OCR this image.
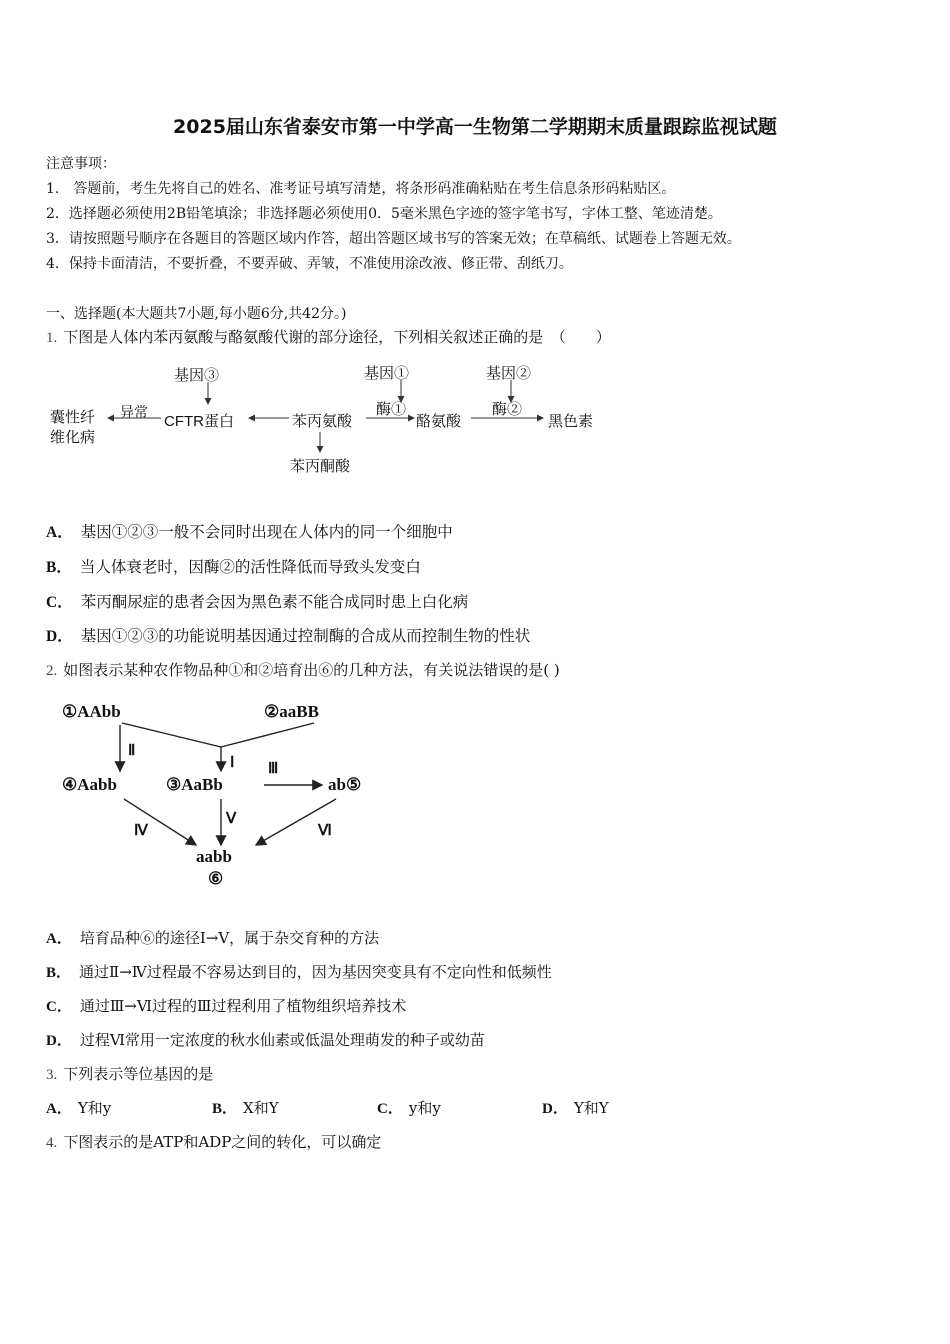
2025届山东省泰安市第一中学高一生物第二学期期末质量跟踪监视试题
注意事项：
1.　答题前，考生先将自己的姓名、准考证号填写清楚，将条形码准确粘贴在考生信息条形码粘贴区。
2．选择题必须使用2B铅笔填涂；非选择题必须使用0．5毫米黑色字迹的签字笔书写，字体工整、笔迹清楚。
3．请按照题号顺序在各题目的答题区域内作答，超出答题区域书写的答案无效；在草稿纸、试题卷上答题无效。
4．保持卡面清洁，不要折叠，不要弄破、弄皱，不准使用涂改液、修正带、刮纸刀。
一、选择题(本大题共7小题,每小题6分,共42分。)
1. 下图是人体内苯丙氨酸与酪氨酸代谢的部分途径，下列相关叙述正确的是　（　　）
基因③	基因①	基因②
囊性纤
维化病
异常 CFTR蛋白	苯丙氨酸
酶①
酪氨酸
酶②
黑色素
苯丙酮酸
A． 基因①②③一般不会同时出现在人体内的同一个细胞中
B． 当人体衰老时，因酶②的活性降低而导致头发变白
C． 苯丙酮尿症的患者会因为黑色素不能合成同时患上白化病
D． 基因①②③的功能说明基因通过控制酶的合成从而控制生物的性状
2. 如图表示某种农作物品种①和②培育出⑥的几种方法，有关说法错误的是( )
①AAbb	②aaBB
④Aabb	③AaBb	ab⑤
aabb
⑥
Ⅱ
Ⅰ Ⅲ
Ⅳ
Ⅴ
Ⅵ
A． 培育品种⑥的途径Ⅰ→Ⅴ，属于杂交育种的方法
B． 通过Ⅱ→Ⅳ过程最不容易达到目的，因为基因突变具有不定向性和低频性
C． 通过Ⅲ→Ⅵ过程的Ⅲ过程利用了植物组织培养技术
D． 过程Ⅵ常用一定浓度的秋水仙素或低温处理萌发的种子或幼苗
3. 下列表示等位基因的是
A． Y和y	B． X和Y	C． y和y	D． Y和Y
4. 下图表示的是ATP和ADP之间的转化，可以确定
